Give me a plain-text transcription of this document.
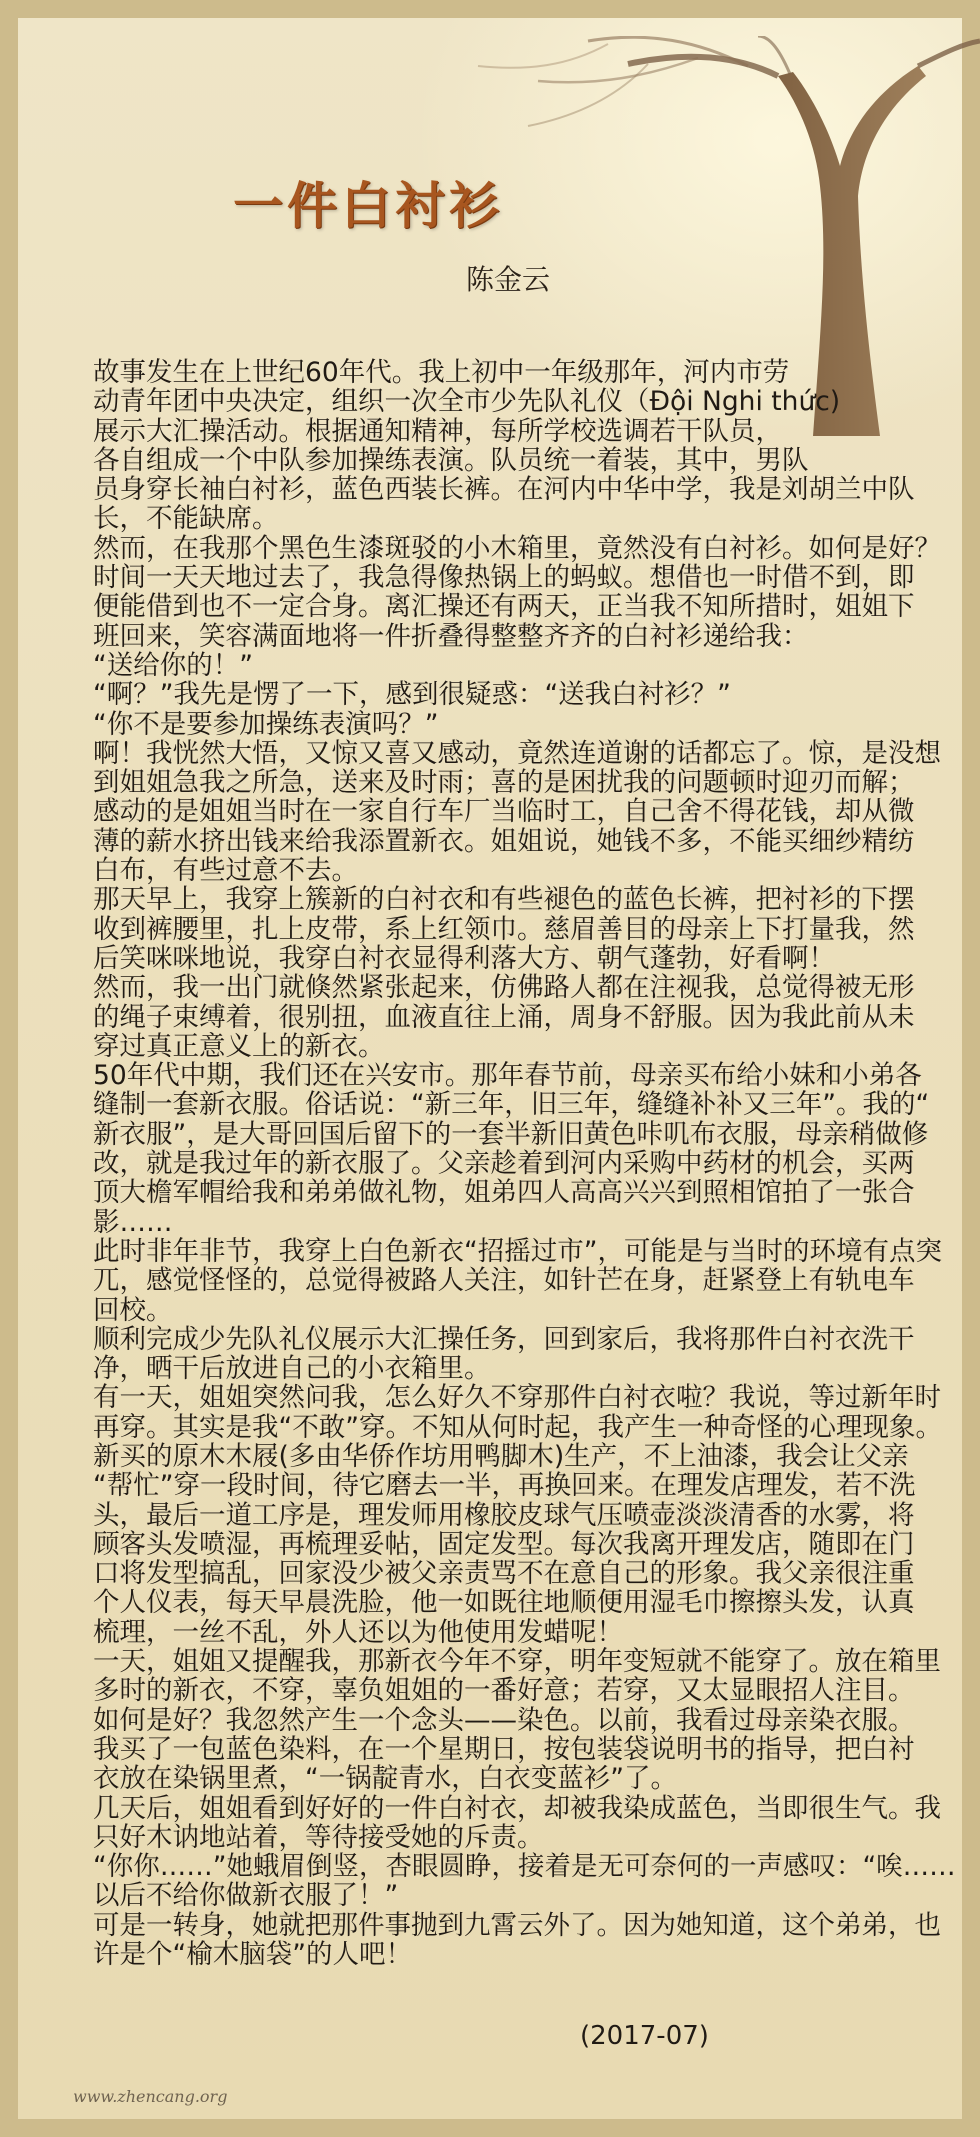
一件白衬衫
陈金云

故事发生在上世纪60年代。我上初中一年级那年，河内市劳

动青年团中央决定，组织一次全市少先队礼仪（Đội Nghi thức)

展示大汇操活动。根据通知精神，每所学校选调若干队员，

各自组成一个中队参加操练表演。队员统一着装，其中，男队

员身穿长袖白衬衫，蓝色西装长裤。在河内中华中学，我是刘胡兰中队

长，不能缺席。

然而，在我那个黑色生漆斑驳的小木箱里，竟然没有白衬衫。如何是好？

时间一天天地过去了，我急得像热锅上的蚂蚁。想借也一时借不到，即

便能借到也不一定合身。离汇操还有两天，正当我不知所措时，姐姐下

班回来，笑容满面地将一件折叠得整整齐齐的白衬衫递给我：

“送给你的！”

“啊？”我先是愣了一下，感到很疑惑：“送我白衬衫？”

“你不是要参加操练表演吗？”

啊！我恍然大悟，又惊又喜又感动，竟然连道谢的话都忘了。惊，是没想

到姐姐急我之所急，送来及时雨；喜的是困扰我的问题顿时迎刃而解；

感动的是姐姐当时在一家自行车厂当临时工，自己舍不得花钱，却从微

薄的薪水挤出钱来给我添置新衣。姐姐说，她钱不多，不能买细纱精纺

白布，有些过意不去。

那天早上，我穿上簇新的白衬衣和有些褪色的蓝色长裤，把衬衫的下摆

收到裤腰里，扎上皮带，系上红领巾。慈眉善目的母亲上下打量我，然

后笑咪咪地说，我穿白衬衣显得利落大方、朝气蓬勃，好看啊！

然而，我一出门就倏然紧张起来，仿佛路人都在注视我，总觉得被无形

的绳子束缚着，很别扭，血液直往上涌，周身不舒服。因为我此前从未

穿过真正意义上的新衣。

50年代中期，我们还在兴安市。那年春节前，母亲买布给小妹和小弟各

缝制一套新衣服。俗话说：“新三年，旧三年，缝缝补补又三年”。我的“

新衣服”，是大哥回国后留下的一套半新旧黄色咔叽布衣服，母亲稍做修

改，就是我过年的新衣服了。父亲趁着到河内采购中药材的机会，买两

顶大檐军帽给我和弟弟做礼物，姐弟四人高高兴兴到照相馆拍了一张合

影……

此时非年非节，我穿上白色新衣“招摇过市”，可能是与当时的环境有点突

兀，感觉怪怪的，总觉得被路人关注，如针芒在身，赶紧登上有轨电车

回校。

顺利完成少先队礼仪展示大汇操任务，回到家后，我将那件白衬衣洗干

净，晒干后放进自己的小衣箱里。

有一天，姐姐突然问我，怎么好久不穿那件白衬衣啦？我说，等过新年时

再穿。其实是我“不敢”穿。不知从何时起，我产生一种奇怪的心理现象。

新买的原木木屐(多由华侨作坊用鸭脚木)生产，不上油漆，我会让父亲

“帮忙”穿一段时间，待它磨去一半，再换回来。在理发店理发，若不洗

头，最后一道工序是，理发师用橡胶皮球气压喷壶淡淡清香的水雾，将

顾客头发喷湿，再梳理妥帖，固定发型。每次我离开理发店，随即在门

口将发型搞乱，回家没少被父亲责骂不在意自己的形象。我父亲很注重

个人仪表，每天早晨洗脸，他一如既往地顺便用湿毛巾擦擦头发，认真

梳理，一丝不乱，外人还以为他使用发蜡呢！

一天，姐姐又提醒我，那新衣今年不穿，明年变短就不能穿了。放在箱里

多时的新衣，不穿，辜负姐姐的一番好意；若穿，又太显眼招人注目。

如何是好？我忽然产生一个念头——染色。以前，我看过母亲染衣服。

我买了一包蓝色染料，在一个星期日，按包装袋说明书的指导，把白衬

衣放在染锅里煮，“一锅靛青水，白衣变蓝衫”了。

几天后，姐姐看到好好的一件白衬衣，却被我染成蓝色，当即很生气。我

只好木讷地站着，等待接受她的斥责。

“你你……”她蛾眉倒竖，杏眼圆睁，接着是无可奈何的一声感叹：“唉……

以后不给你做新衣服了！”

可是一转身，她就把那件事抛到九霄云外了。因为她知道，这个弟弟，也

许是个“榆木脑袋”的人吧！

(2017-07)
www.zhencang.org
